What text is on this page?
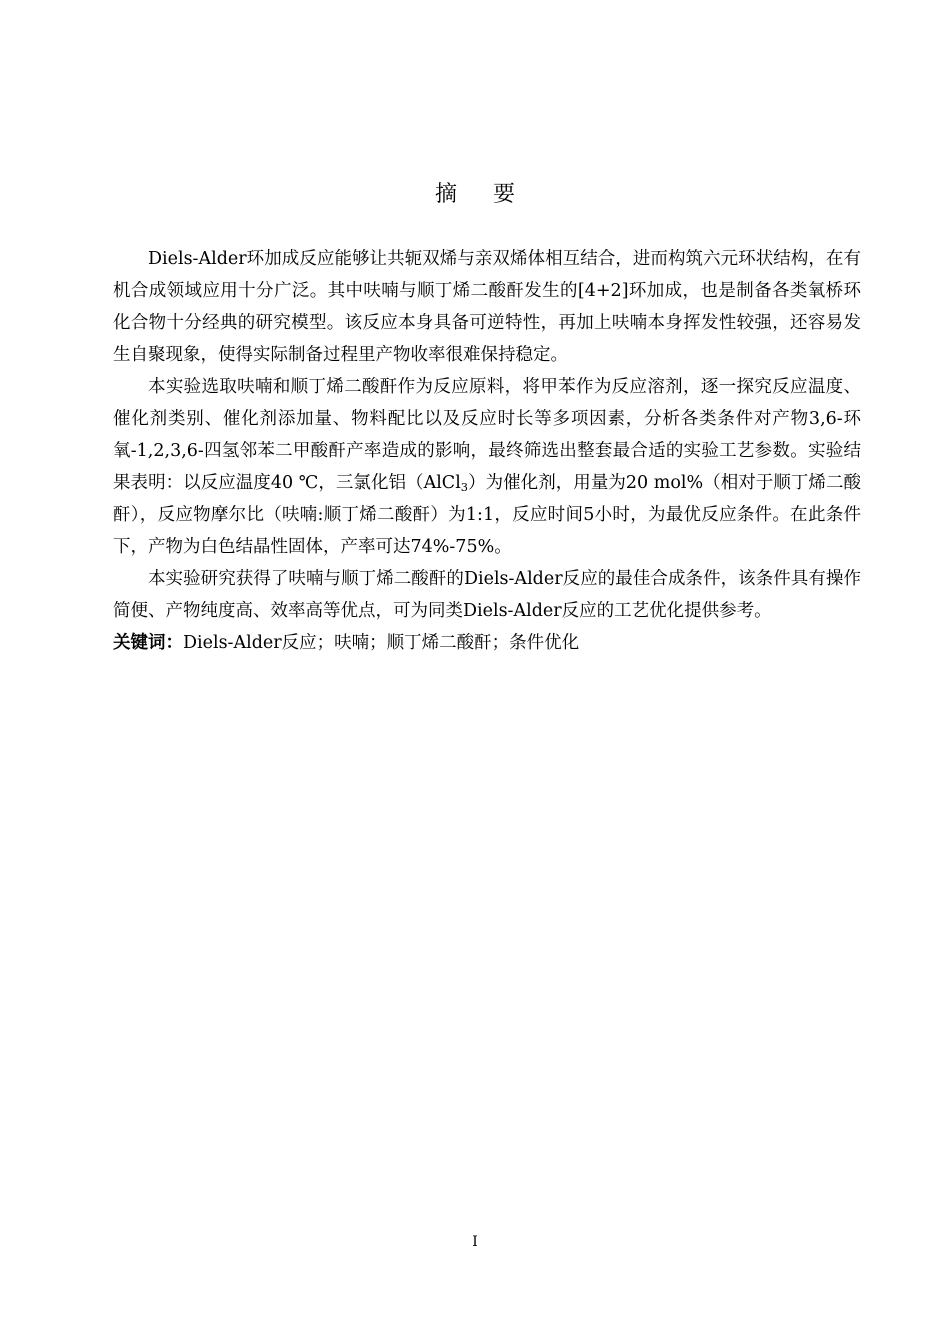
摘要

Diels-Alder环加成反应能够让共轭双烯与亲双烯体相互结合，进而构筑六元环状结构，在有机合成领域应用十分广泛。其中呋喃与顺丁烯二酸酐发生的[4+2]环加成，也是制备各类氧桥环化合物十分经典的研究模型。该反应本身具备可逆特性，再加上呋喃本身挥发性较强，还容易发生自聚现象，使得实际制备过程里产物收率很难保持稳定。

本实验选取呋喃和顺丁烯二酸酐作为反应原料，将甲苯作为反应溶剂，逐一探究反应温度、催化剂类别、催化剂添加量、物料配比以及反应时长等多项因素，分析各类条件对产物3,6-环氧-1,2,3,6-四氢邻苯二甲酸酐产率造成的影响，最终筛选出整套最合适的实验工艺参数。实验结果表明：以反应温度40 ℃，三氯化铝（AlCl$_3$）为催化剂，用量为20 mol%（相对于顺丁烯二酸酐），反应物摩尔比（呋喃:顺丁烯二酸酐）为1:1，反应时间5小时，为最优反应条件。在此条件下，产物为白色结晶性固体，产率可达74%-75%。

本实验研究获得了呋喃与顺丁烯二酸酐的Diels-Alder反应的最佳合成条件，该条件具有操作简便、产物纯度高、效率高等优点，可为同类Diels-Alder反应的工艺优化提供参考。

关键词：Diels-Alder反应；呋喃；顺丁烯二酸酐；条件优化

I
